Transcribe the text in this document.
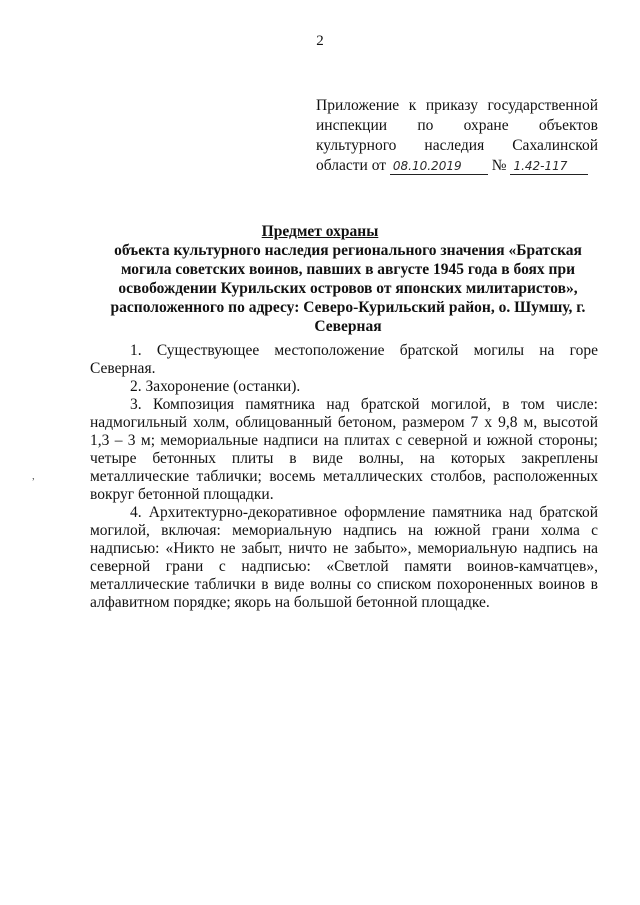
2
Приложение к приказу государственной
инспекции по охране объектов
культурного наследия Сахалинской
области от 08.10.2019 № 1.42-117
Предмет охраны
объекта культурного наследия регионального значения «Братская
могила советских воинов, павших в августе 1945 года в боях при
освобождении Курильских островов от японских милитаристов»,
расположенного по адресу: Северо-Курильский район, о. Шумшу, г.
Северная

1. Существующее местоположение братской могилы на горе Северная.

2. Захоронение (останки).

3. Композиция памятника над братской могилой, в том числе: надмогильный холм, облицованный бетоном, размером 7 х 9,8 м, высотой 1,3 – 3 м; мемориальные надписи на плитах с северной и южной стороны; четыре бетонных плиты в виде волны, на которых закреплены металлические таблички; восемь металлических столбов, расположенных вокруг бетонной площадки.

4. Архитектурно-декоративное оформление памятника над братской могилой, включая: мемориальную надпись на южной грани холма с надписью: «Никто не забыт, ничто не забыто», мемориальную надпись на северной грани с надписью: «Светлой памяти воинов-камчатцев», металлические таблички в виде волны со списком похороненных воинов в алфавитном порядке; якорь на большой бетонной площадке.

,
